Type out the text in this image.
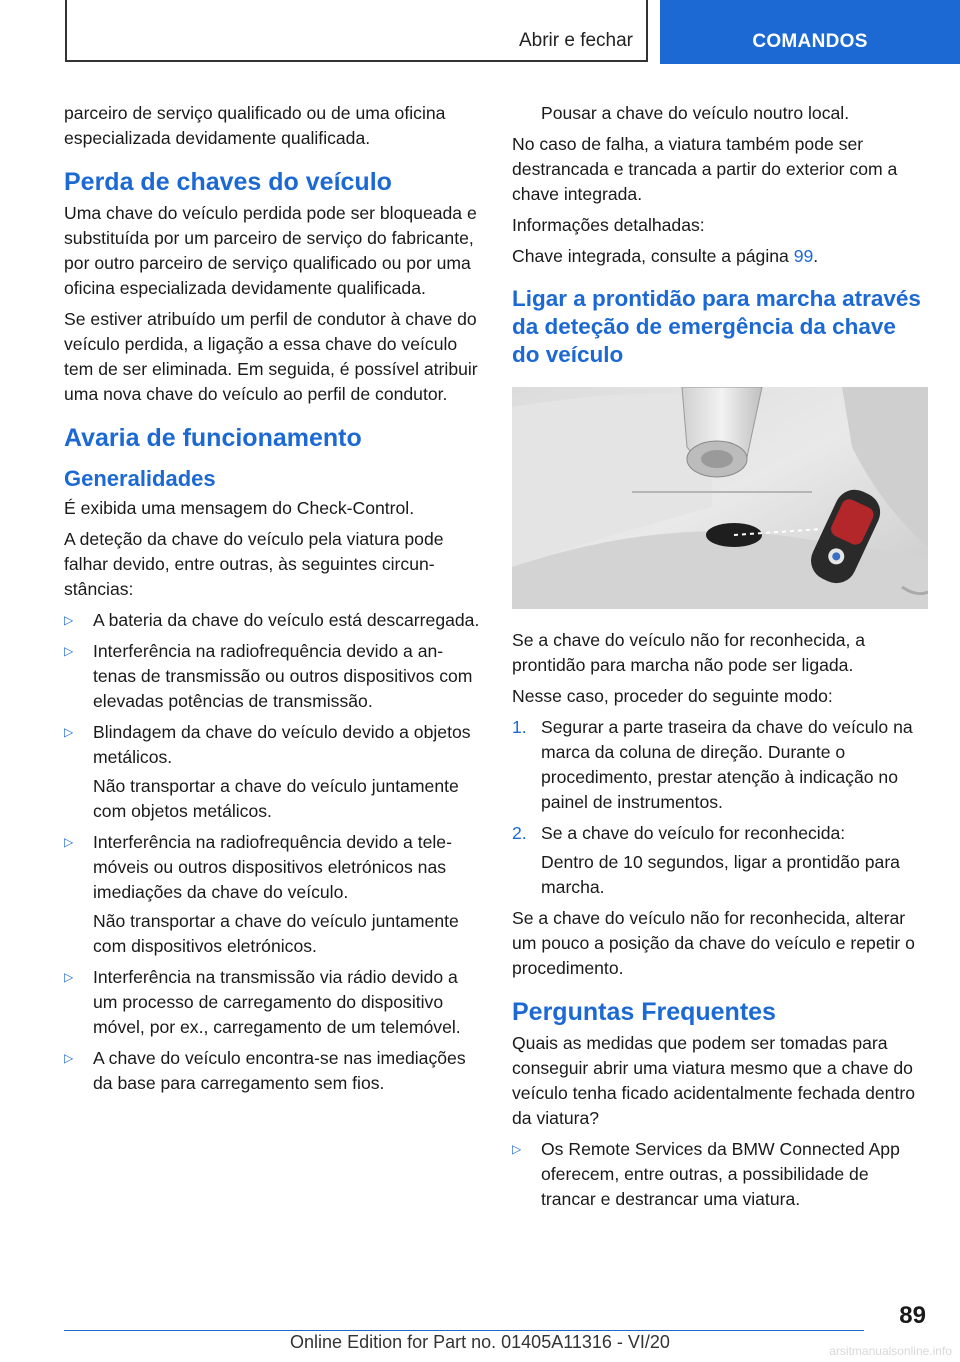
Abrir e fechar	COMANDOS

parceiro de serviço qualificado ou de uma oficina especializada devidamente qualificada.

Perda de chaves do veículo

Uma chave do veículo perdida pode ser bloqueada e substituída por um parceiro de serviço do fabricante, por outro parceiro de serviço qualificado ou por uma oficina especializada devidamente qualificada.

Se estiver atribuído um perfil de condutor à chave do veículo perdida, a ligação a essa chave do veículo tem de ser eliminada. Em seguida, é possível atribuir uma nova chave do veículo ao perfil de condutor.

Avaria de funcionamento
Generalidades

É exibida uma mensagem do Check-Control.

A deteção da chave do veículo pela viatura pode falhar devido, entre outras, às seguintes circunstâncias:

▷ A bateria da chave do veículo está descarregada.
▷ Interferência na radiofrequência devido a antenas de transmissão ou outros dispositivos com elevadas potências de transmissão.
▷ Blindagem da chave do veículo devido a objetos metálicos.

Não transportar a chave do veículo juntamente com objetos metálicos.

▷ Interferência na radiofrequência devido a telemóveis ou outros dispositivos eletrónicos nas imediações da chave do veículo.

Não transportar a chave do veículo juntamente com dispositivos eletrónicos.

▷ Interferência na transmissão via rádio devido a um processo de carregamento do dispositivo móvel, por ex., carregamento de um telemóvel.
▷ A chave do veículo encontra-se nas imediações da base para carregamento sem fios.

Pousar a chave do veículo noutro local.

No caso de falha, a viatura também pode ser destrancada e trancada a partir do exterior com a chave integrada.

Informações detalhadas:

Chave integrada, consulte a página 99.

Ligar a prontidão para marcha através da deteção de emergência da chave do veículo

Se a chave do veículo não for reconhecida, a prontidão para marcha não pode ser ligada.

Nesse caso, proceder do seguinte modo:

1. Segurar a parte traseira da chave do veículo na marca da coluna de direção. Durante o procedimento, prestar atenção à indicação no painel de instrumentos.
2. Se a chave do veículo for reconhecida:

Dentro de 10 segundos, ligar a prontidão para marcha.

Se a chave do veículo não for reconhecida, alterar um pouco a posição da chave do veículo e repetir o procedimento.

Perguntas Frequentes

Quais as medidas que podem ser tomadas para conseguir abrir uma viatura mesmo que a chave do veículo tenha ficado acidentalmente fechada dentro da viatura?

▷ Os Remote Services da BMW Connected App oferecem, entre outras, a possibilidade de trancar e destrancar uma viatura.
89
Online Edition for Part no. 01405A11316 - VI/20	arsitmanualsonline.info
